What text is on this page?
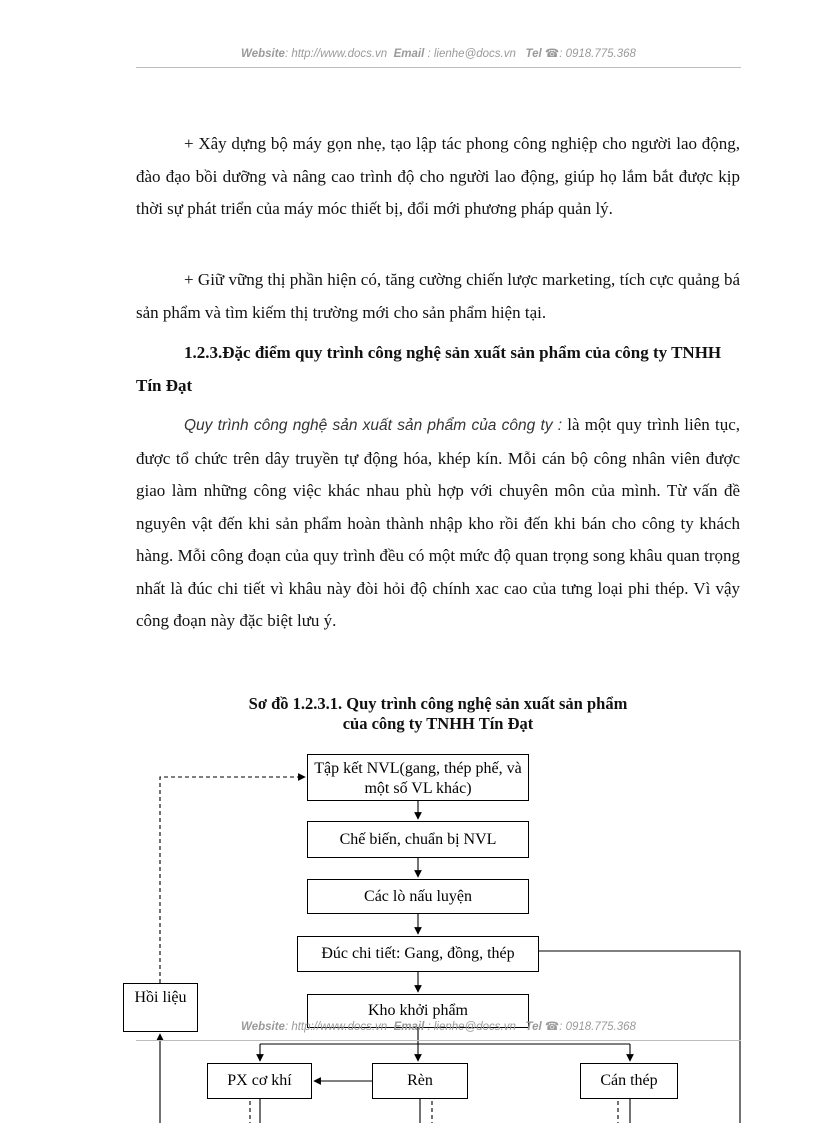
Website: http://www.docs.vn Email : lienhe@docs.vn Tel ☎: 0918.775.368

+ Xây dựng bộ máy gọn nhẹ, tạo lập tác phong công nghiệp cho người lao động, đào đạo bồi dưỡng và nâng cao trình độ cho người lao động, giúp họ lắm bắt được kịp thời sự phát triển của máy móc thiết bị, đổi mới phương pháp quản lý.

+ Giữ vững thị phần hiện có, tăng cường chiến lược marketing, tích cực quảng bá sản phẩm và tìm kiếm thị trường mới cho sản phẩm hiện tại.

1.2.3.Đặc điểm quy trình công nghệ sản xuất sản phẩm của công ty TNHH Tín Đạt

Quy trình công nghệ sản xuất sản phẩm của công ty : là một quy trình liên tục, được tổ chức trên dây truyền tự động hóa, khép kín. Mỗi cán bộ công nhân viên được giao làm những công việc khác nhau phù hợp với chuyên môn của mình. Từ vấn đề nguyên vật đến khi sản phẩm hoàn thành nhập kho rồi đến khi bán cho công ty khách hàng. Mỗi công đoạn của quy trình đều có một mức độ quan trọng song khâu quan trọng nhất là đúc chi tiết vì khâu này đòi hỏi độ chính xac cao của tưng loại phi thép. Vì vậy công đoạn này đặc biệt lưu ý.

Sơ đồ 1.2.3.1. Quy trình công nghệ sản xuất sản phẩm
của công ty TNHH Tín Đạt
Tập kết NVL(gang, thép phế, và một số VL khác)
Chế biến, chuẩn bị NVL
Các lò nấu luyện
Đúc chi tiết: Gang, đồng, thép
Kho khởi phẩm
Hồi liệu
PX cơ khí	Rèn	Cán thép
Website: http://www.docs.vn Email : lienhe@docs.vn Tel ☎: 0918.775.368
